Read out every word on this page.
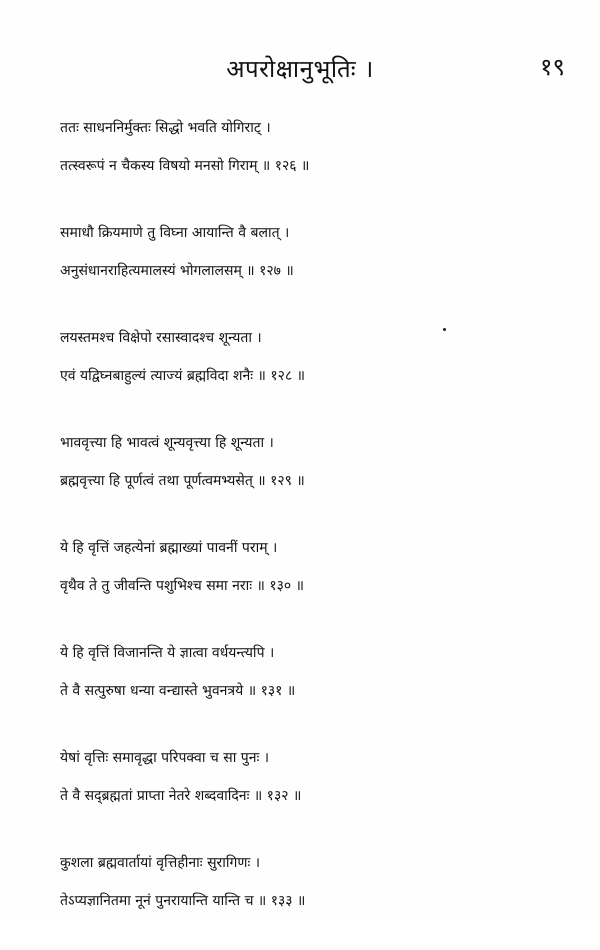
अपरोक्षानुभूतिः ।	१९
ततः साधननिर्मुक्तः सिद्धो भवति योगिराट् ।
तत्स्वरूपं न चैकस्य विषयो मनसो गिराम् ॥ १२६ ॥
समाधौ क्रियमाणे तु विघ्ना आयान्ति वै बलात् ।
अनुसंधानराहित्यमालस्यं भोगलालसम् ॥ १२७ ॥
लयस्तमश्च विक्षेपो रसास्वादश्च शून्यता ।
एवं यद्विघ्नबाहुल्यं त्याज्यं ब्रह्मविदा शनैः ॥ १२८ ॥
भाववृत्त्या हि भावत्वं शून्यवृत्त्या हि शून्यता ।
ब्रह्मवृत्त्या हि पूर्णत्वं तथा पूर्णत्वमभ्यसेत् ॥ १२९ ॥
ये हि वृत्तिं जहत्येनां ब्रह्माख्यां पावनीं पराम् ।
वृथैव ते तु जीवन्ति पशुभिश्च समा नराः ॥ १३० ॥
ये हि वृत्तिं विजानन्ति ये ज्ञात्वा वर्धयन्त्यपि ।
ते वै सत्पुरुषा धन्या वन्द्यास्ते भुवनत्रये ॥ १३१ ॥
येषां वृत्तिः समावृद्धा परिपक्वा च सा पुनः ।
ते वै सद्ब्रह्मतां प्राप्ता नेतरे शब्दवादिनः ॥ १३२ ॥
कुशला ब्रह्मवार्तायां वृत्तिहीनाः सुरागिणः ।
तेऽप्यज्ञानितमा नूनं पुनरायान्ति यान्ति च ॥ १३३ ॥
